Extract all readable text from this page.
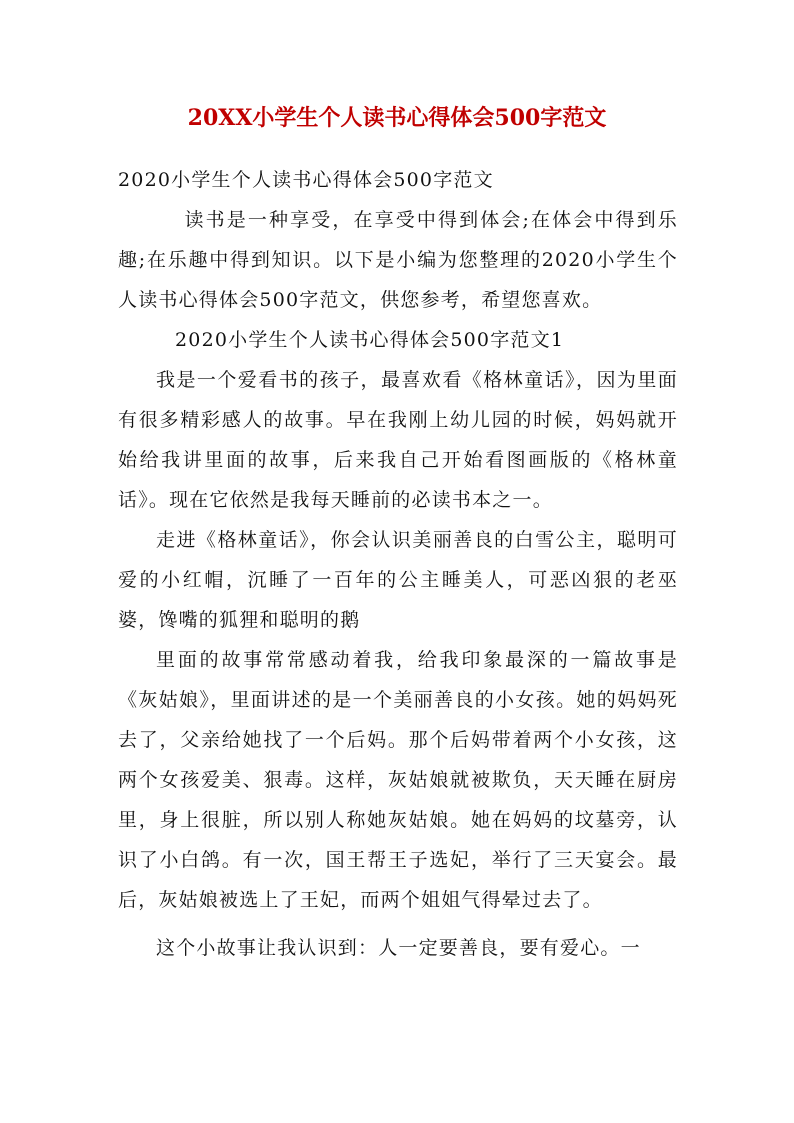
20XX小学生个人读书心得体会500字范文

2020小学生个人读书心得体会500字范文

读书是一种享受，在享受中得到体会;在体会中得到乐趣;在乐趣中得到知识。以下是小编为您整理的2020小学生个人读书心得体会500字范文，供您参考，希望您喜欢。

2020小学生个人读书心得体会500字范文1

我是一个爱看书的孩子，最喜欢看《格林童话》，因为里面有很多精彩感人的故事。早在我刚上幼儿园的时候，妈妈就开始给我讲里面的故事，后来我自己开始看图画版的《格林童话》。现在它依然是我每天睡前的必读书本之一。

走进《格林童话》，你会认识美丽善良的白雪公主，聪明可爱的小红帽，沉睡了一百年的公主睡美人，可恶凶狠的老巫婆，馋嘴的狐狸和聪明的鹅

里面的故事常常感动着我，给我印象最深的一篇故事是《灰姑娘》，里面讲述的是一个美丽善良的小女孩。她的妈妈死去了，父亲给她找了一个后妈。那个后妈带着两个小女孩，这两个女孩爱美、狠毒。这样，灰姑娘就被欺负，天天睡在厨房里，身上很脏，所以别人称她灰姑娘。她在妈妈的坟墓旁，认识了小白鸽。有一次，国王帮王子选妃，举行了三天宴会。最后，灰姑娘被选上了王妃，而两个姐姐气得晕过去了。

这个小故事让我认识到：人一定要善良，要有爱心。一
